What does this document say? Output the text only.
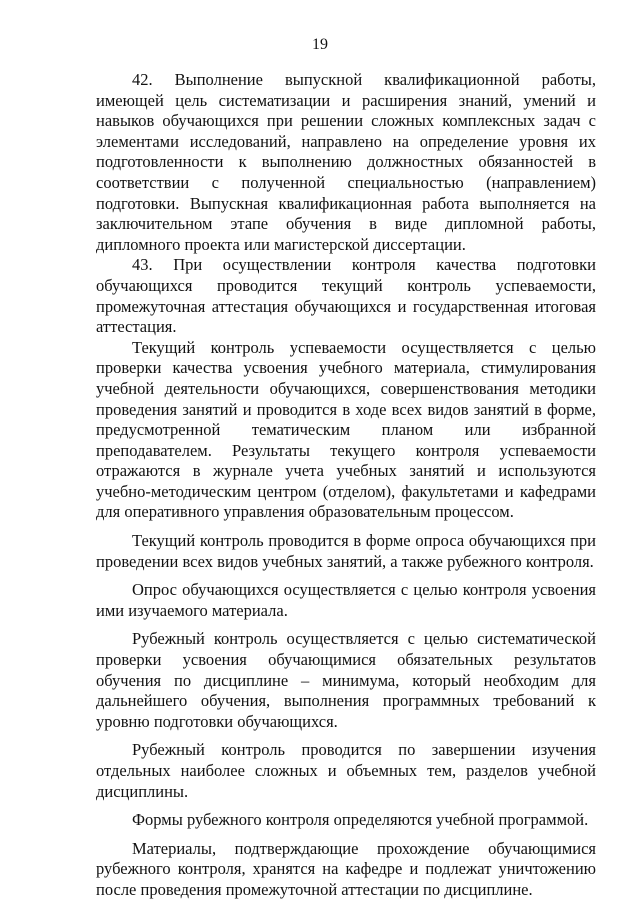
19

42. Выполнение выпускной квалификационной работы, имеющей цель систематизации и расширения знаний, умений и навыков обучающихся при решении сложных комплексных задач с элементами исследований, направлено на определение уровня их подготовленности к выполнению должностных обязанностей в соответствии с полученной специальностью (направлением) подготовки. Выпускная квалификационная работа выполняется на заключительном этапе обучения в виде дипломной работы, дипломного проекта или магистерской диссертации.

43. При осуществлении контроля качества подготовки обучающихся проводится текущий контроль успеваемости, промежуточная аттестация обучающихся и государственная итоговая аттестация.

Текущий контроль успеваемости осуществляется с целью проверки качества усвоения учебного материала, стимулирования учебной деятельности обучающихся, совершенствования методики проведения занятий и проводится в ходе всех видов занятий в форме, предусмотренной тематическим планом или избранной преподавателем. Результаты текущего контроля успеваемости отражаются в журнале учета учебных занятий и используются учебно-методическим центром (отделом), факультетами и кафедрами для оперативного управления образовательным процессом.

Текущий контроль проводится в форме опроса обучающихся при проведении всех видов учебных занятий, а также рубежного контроля.

Опрос обучающихся осуществляется с целью контроля усвоения ими изучаемого материала.

Рубежный контроль осуществляется с целью систематической проверки усвоения обучающимися обязательных результатов обучения по дисциплине – минимума, который необходим для дальнейшего обучения, выполнения программных требований к уровню подготовки обучающихся.

Рубежный контроль проводится по завершении изучения отдельных наиболее сложных и объемных тем, разделов учебной дисциплины.

Формы рубежного контроля определяются учебной программой.

Материалы, подтверждающие прохождение обучающимися рубежного контроля, хранятся на кафедре и подлежат уничтожению после проведения промежуточной аттестации по дисциплине.
